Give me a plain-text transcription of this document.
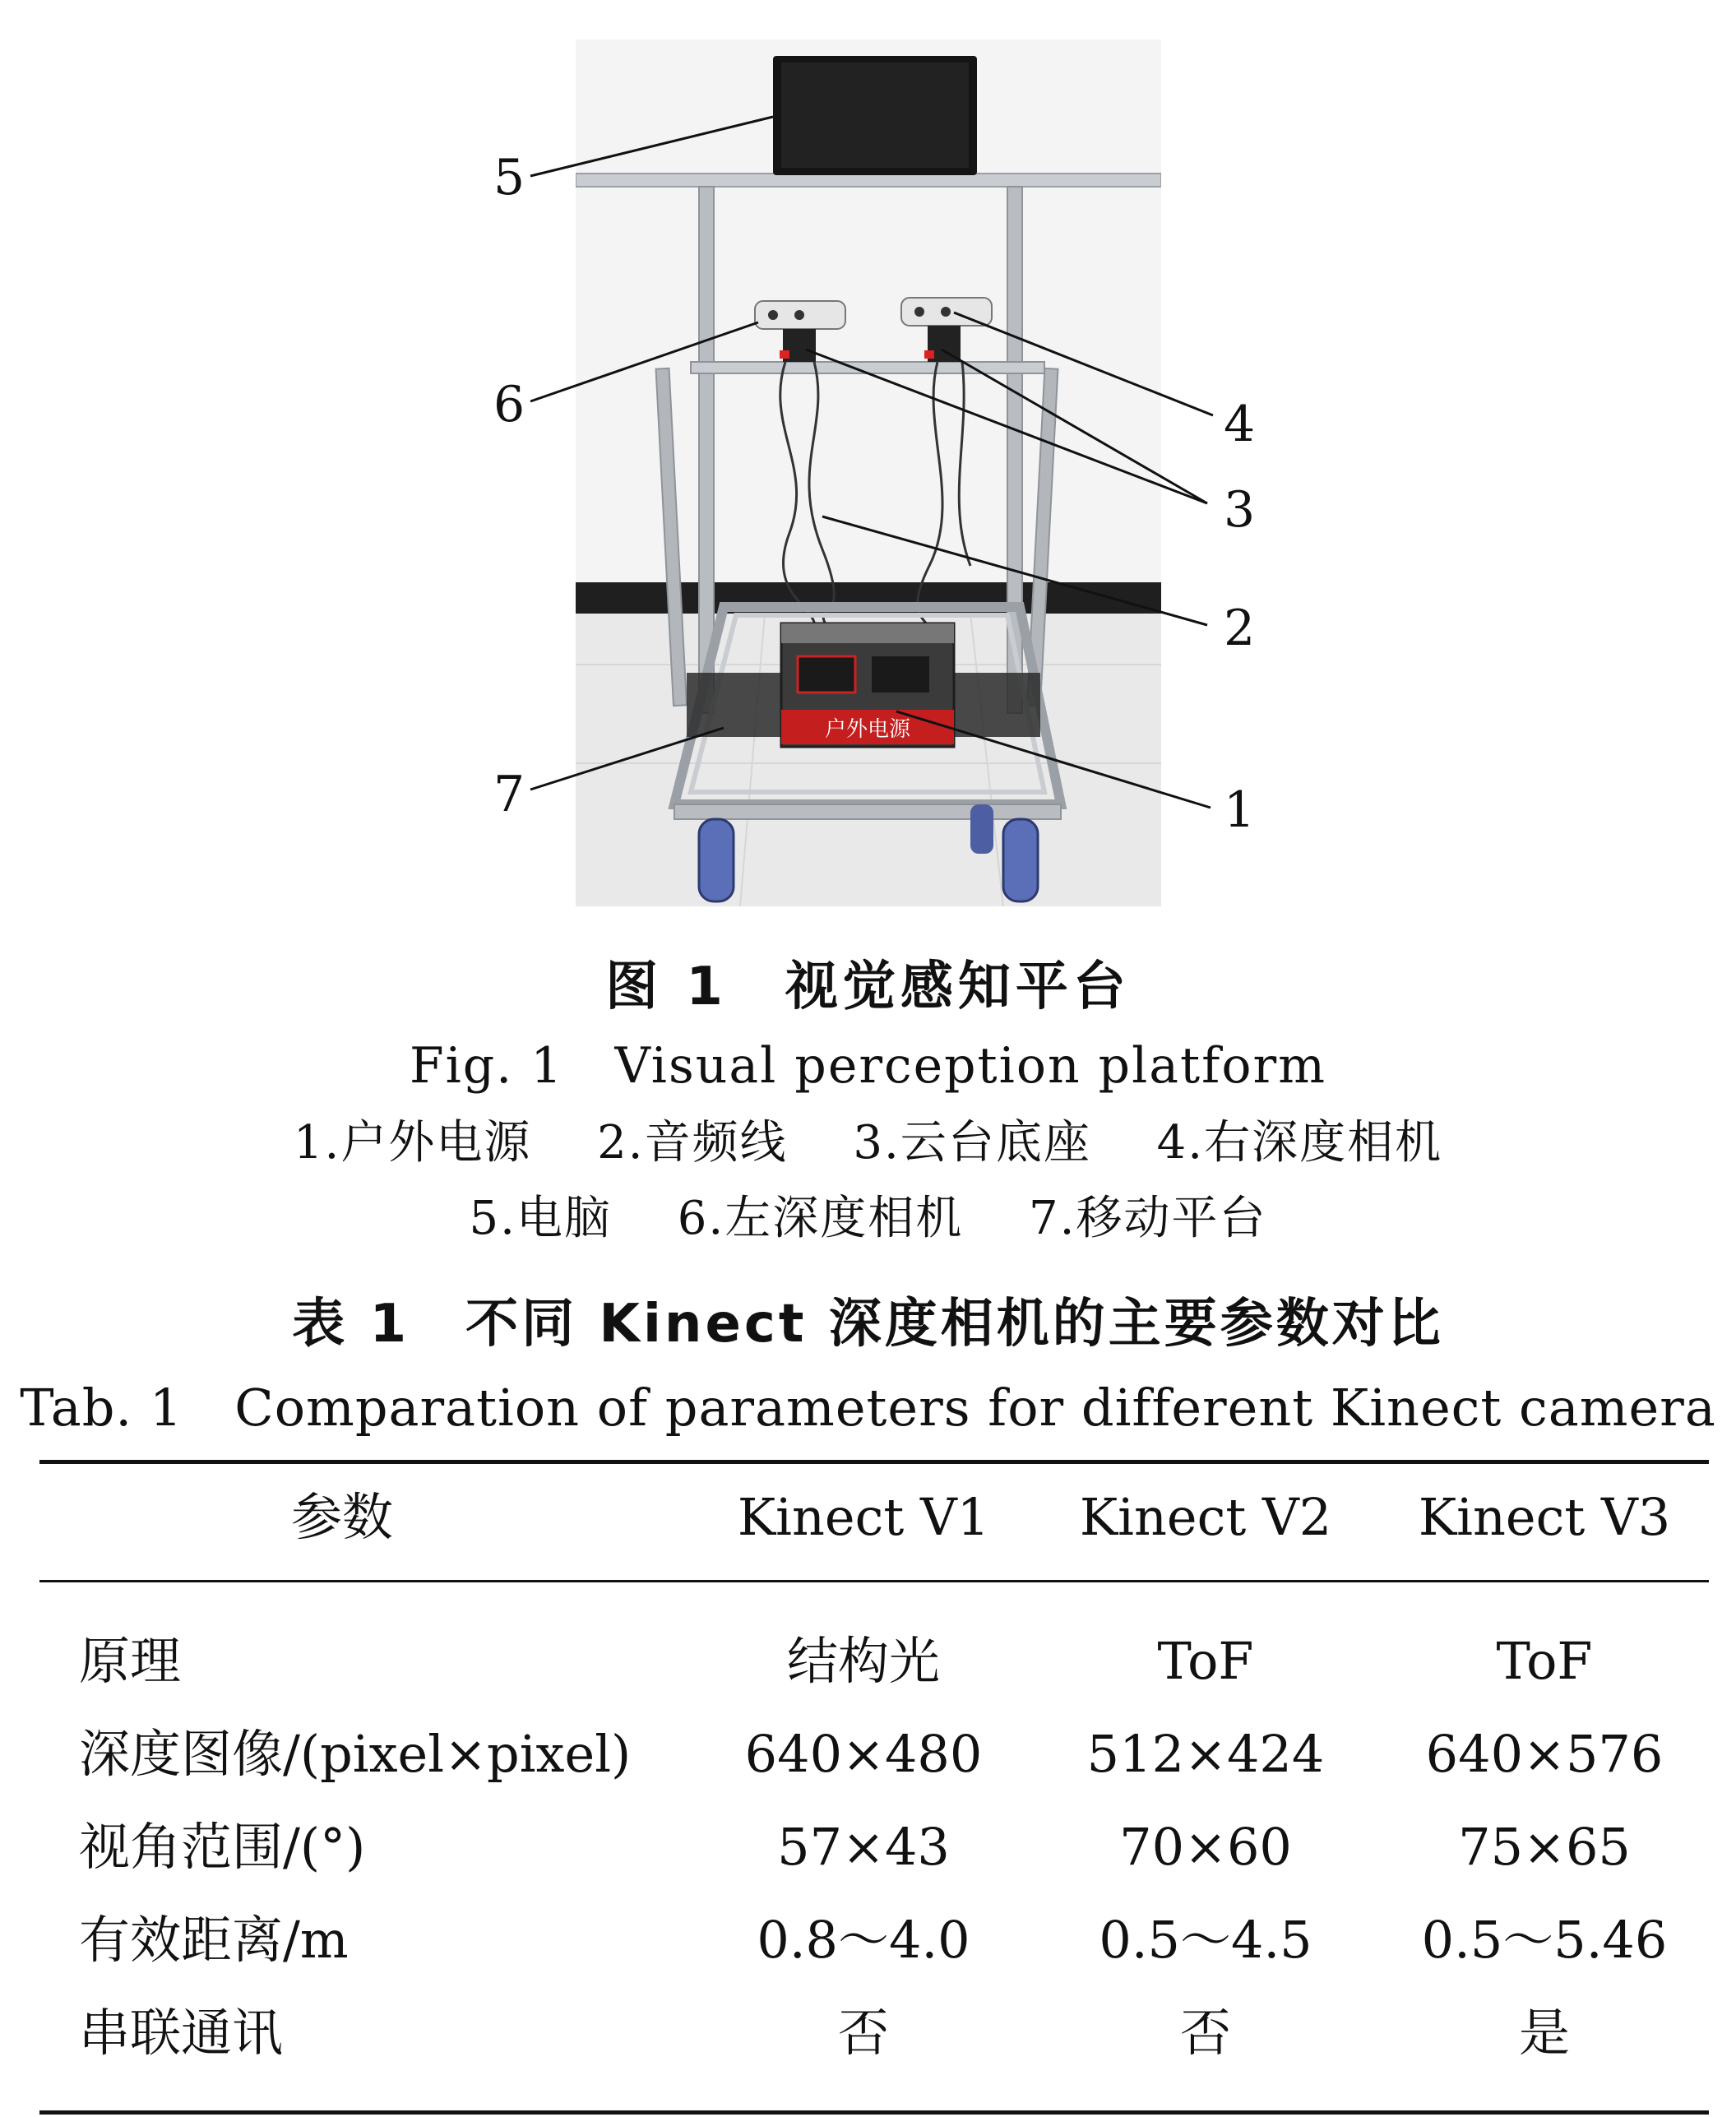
户外电源
5
6	4
3
2
7	1
图 1　视觉感知平台
Fig. 1　Visual perception platform
1.户外电源 2.音频线 3.云台底座 4.右深度相机
5.电脑 6.左深度相机 7.移动平台
表 1　不同 Kinect 深度相机的主要参数对比
Tab. 1　Comparation of parameters for different Kinect camera
参数	Kinect V1	Kinect V2	Kinect V3
原理	结构光	ToF	ToF
深度图像/(pixel×pixel)	640×480	512×424	640×576
视角范围/(°)	57×43	70×60	75×65
有效距离/m	0.8～4.0	0.5～4.5	0.5～5.46
串联通讯	否	否	是
